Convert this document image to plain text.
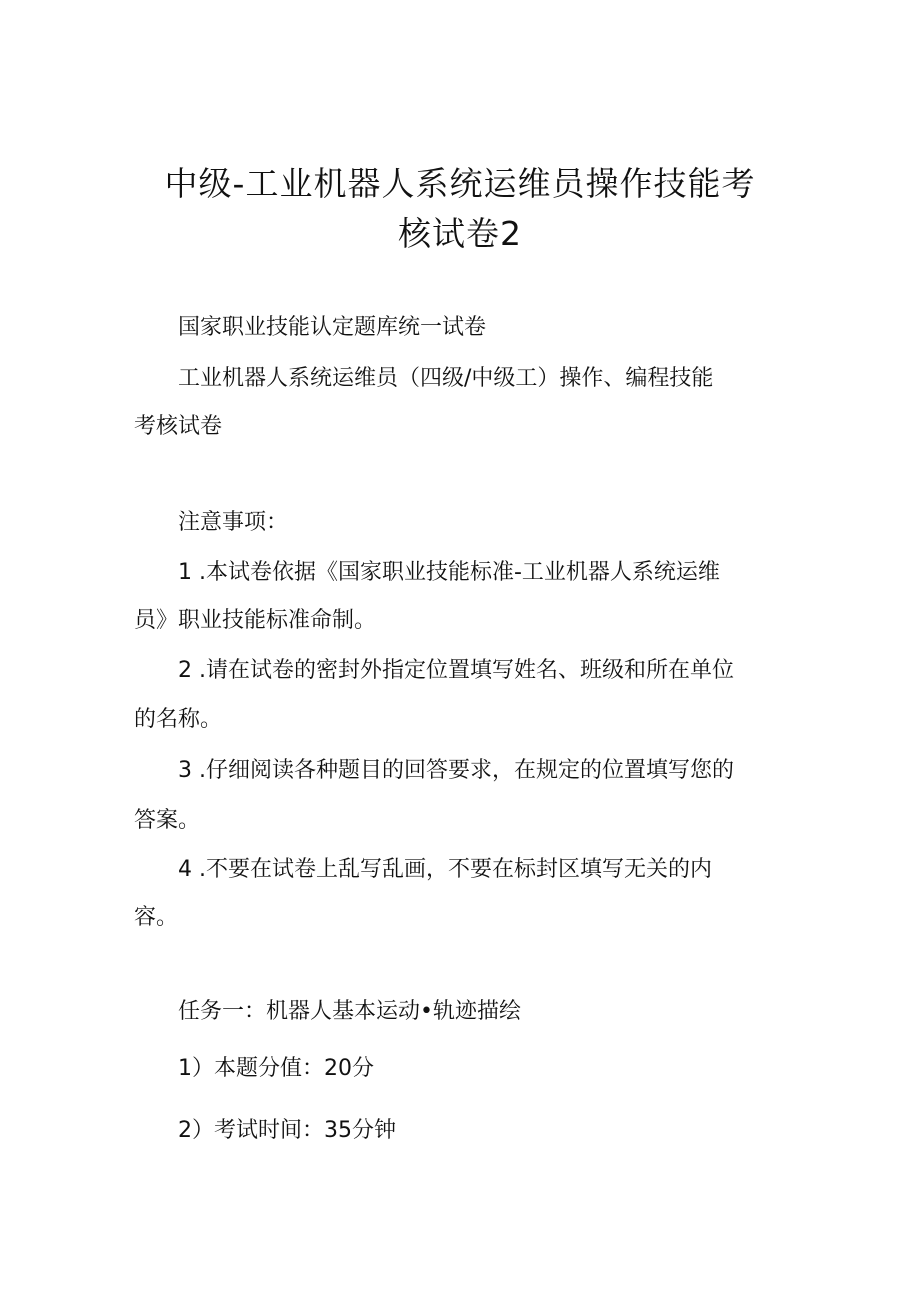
中级-工业机器人系统运维员操作技能考
核试卷2

国家职业技能认定题库统一试卷

工业机器人系统运维员（四级/中级工）操作、编程技能

考核试卷

注意事项：

1 .本试卷依据《国家职业技能标准-工业机器人系统运维

员》职业技能标准命制。

2 .请在试卷的密封外指定位置填写姓名、班级和所在单位

的名称。

3 .仔细阅读各种题目的回答要求，在规定的位置填写您的

答案。

4 .不要在试卷上乱写乱画，不要在标封区填写无关的内

容。

任务一：机器人基本运动•轨迹描绘

1）本题分值：20分

2）考试时间：35分钟
